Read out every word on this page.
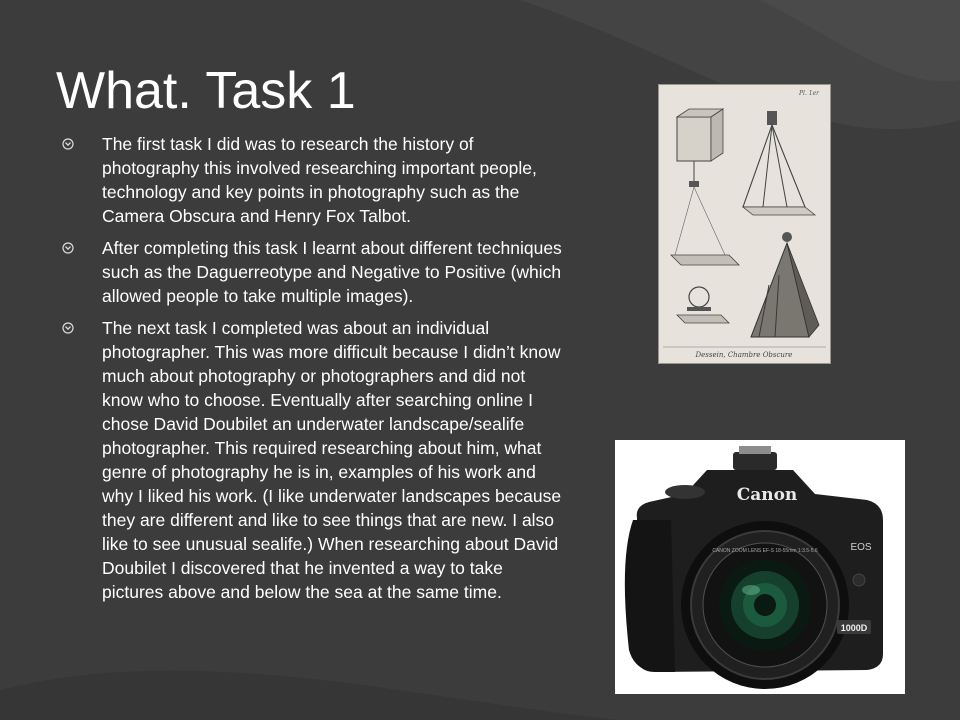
What. Task 1
The first task I did was to research the history of photography this involved researching important people, technology and key points in photography such as the Camera Obscura and Henry Fox Talbot.
After completing this task I learnt about different techniques such as the Daguerreotype and Negative to Positive (which allowed people to take multiple images).
The next task I completed was about an individual photographer. This was more difficult because I didn’t know much about photography or photographers and did not know who to choose. Eventually after searching online I chose David Doubilet an underwater landscape/sealife photographer. This required researching about him, what genre of photography he is in, examples of his work and why I liked his work. (I like underwater landscapes because they are different and like to see things that are new. I also like to see unusual sealife.) When researching about David Doubilet I discovered that he invented a way to take pictures above and below the sea at the same time.
Pl. 1er
Dessein, Chambre Obscure
Canon
EOS
1000D
CANON ZOOM LENS EF-S 18-55mm 1:3.5-5.6
